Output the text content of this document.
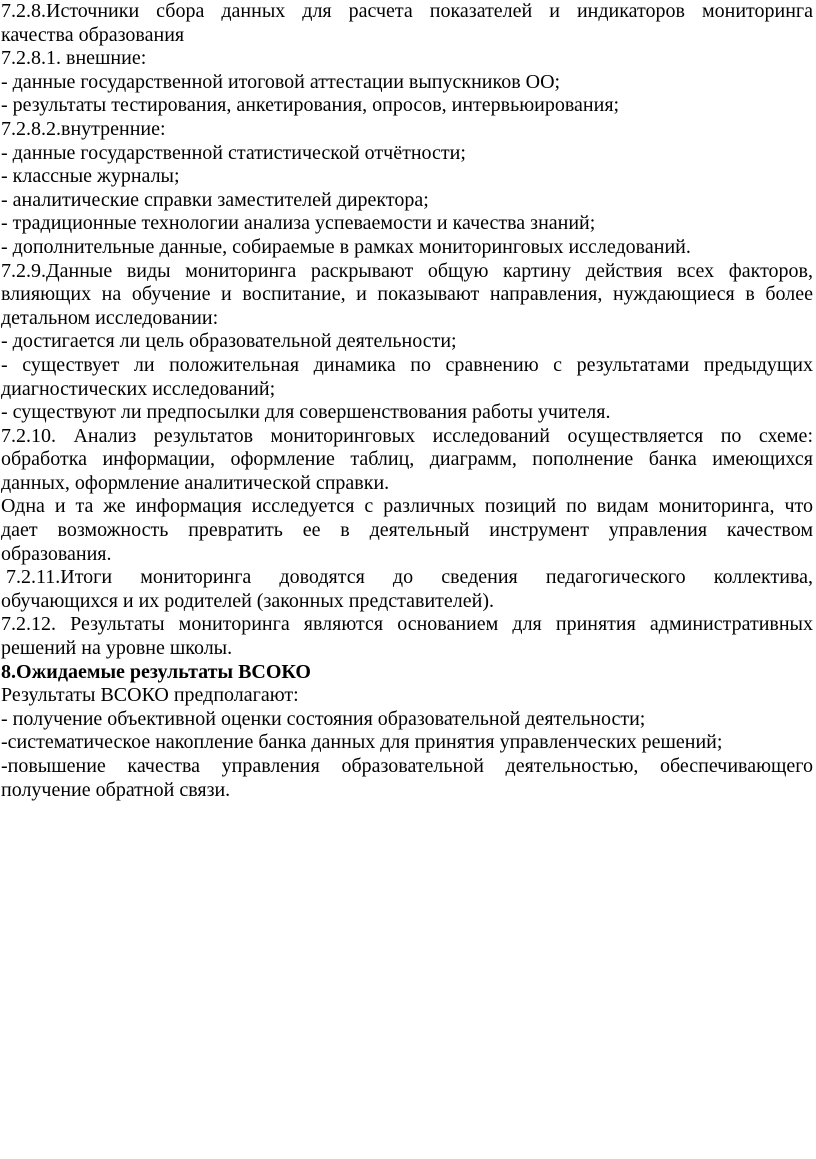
7.2.8.Источники сбора данных для расчета показателей и индикаторов мониторинга
качества образования
7.2.8.1. внешние:
- данные государственной итоговой аттестации выпускников ОО;
- результаты тестирования, анкетирования, опросов, интервьюирования;
7.2.8.2.внутренние:
- данные государственной статистической отчётности;
- классные журналы;
- аналитические справки заместителей директора;
- традиционные технологии анализа успеваемости и качества знаний;
- дополнительные данные, собираемые в рамках мониторинговых исследований.
7.2.9.Данные виды мониторинга раскрывают общую картину действия всех факторов,
влияющих на обучение и воспитание, и показывают направления, нуждающиеся в более
детальном исследовании:
- достигается ли цель образовательной деятельности;
- существует ли положительная динамика по сравнению с результатами предыдущих
диагностических исследований;
- существуют ли предпосылки для совершенствования работы учителя.
7.2.10. Анализ результатов мониторинговых исследований осуществляется по схеме:
обработка информации, оформление таблиц, диаграмм, пополнение банка имеющихся
данных, оформление аналитической справки.
Одна и та же информация исследуется с различных позиций по видам мониторинга, что
дает возможность превратить ее в деятельный инструмент управления качеством
образования.
7.2.11.Итоги мониторинга доводятся до сведения педагогического коллектива,
обучающихся и их родителей (законных представителей).
7.2.12. Результаты мониторинга являются основанием для принятия административных
решений на уровне школы.
8.Ожидаемые результаты ВСОКО
Результаты ВСОКО предполагают:
- получение объективной оценки состояния образовательной деятельности;
-систематическое накопление банка данных для принятия управленческих решений;
-повышение качества управления образовательной деятельностью, обеспечивающего
получение обратной связи.
